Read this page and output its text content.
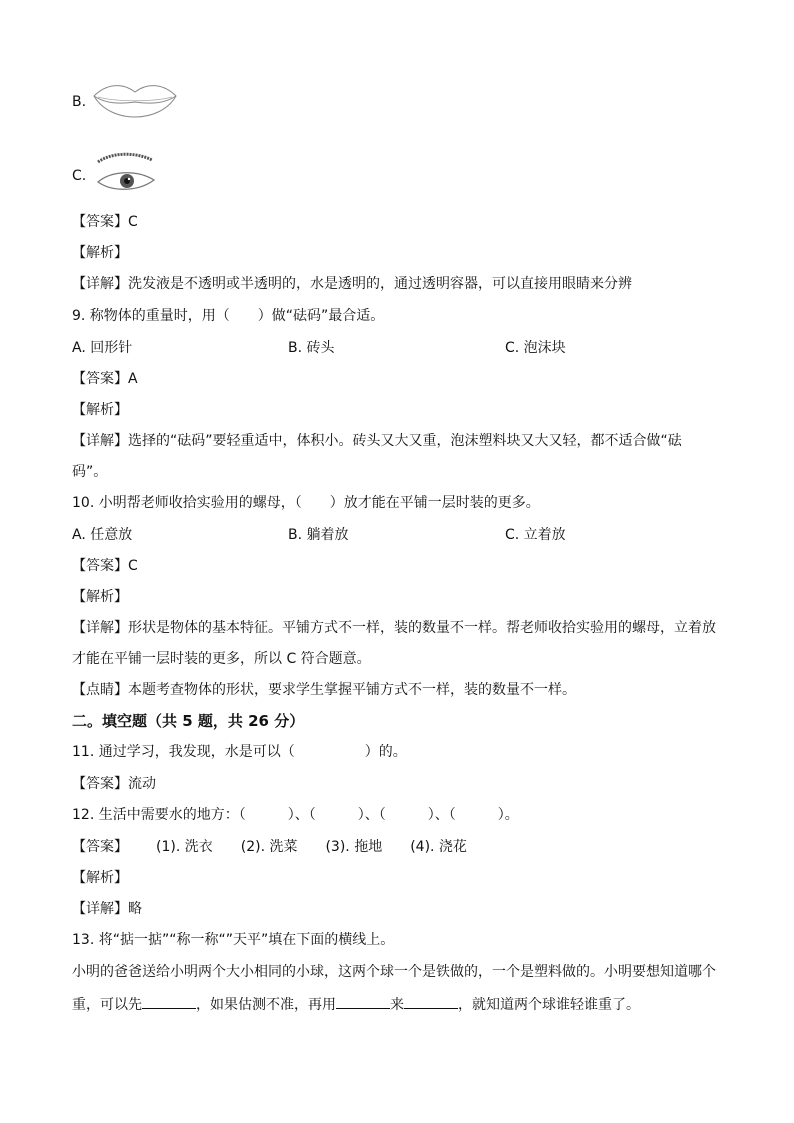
B.
C.
【答案】C
【解析】
【详解】洗发液是不透明或半透明的，水是透明的，通过透明容器，可以直接用眼睛来分辨
9. 称物体的重量时，用（　　）做“砝码”最合适。
A. 回形针	B. 砖头	C. 泡沫块
【答案】A
【解析】
【详解】选择的“砝码”要轻重适中，体积小。砖头又大又重，泡沫塑料块又大又轻，都不适合做“砝
码”。
10. 小明帮老师收拾实验用的螺母，（　　）放才能在平铺一层时装的更多。
A. 任意放	B. 躺着放	C. 立着放
【答案】C
【解析】
【详解】形状是物体的基本特征。平铺方式不一样，装的数量不一样。帮老师收拾实验用的螺母，立着放
才能在平铺一层时装的更多，所以 C 符合题意。
【点睛】本题考查物体的形状，要求学生掌握平铺方式不一样，装的数量不一样。
二。填空题（共 5 题，共 26 分）
11. 通过学习，我发现，水是可以（　　　　　）的。
【答案】流动
12. 生活中需要水的地方：（　　　）、（　　　）、（　　　）、（　　　）。
【答案】 (1). 洗衣 (2). 洗菜 (3). 拖地 (4). 浇花
【解析】
【详解】略
13. 将“掂一掂”“称一称“”天平”填在下面的横线上。
小明的爸爸送给小明两个大小相同的小球，这两个球一个是铁做的，一个是塑料做的。小明要想知道哪个
重，可以先	，如果估测不准，再用	来	，就知道两个球谁轻谁重了。
